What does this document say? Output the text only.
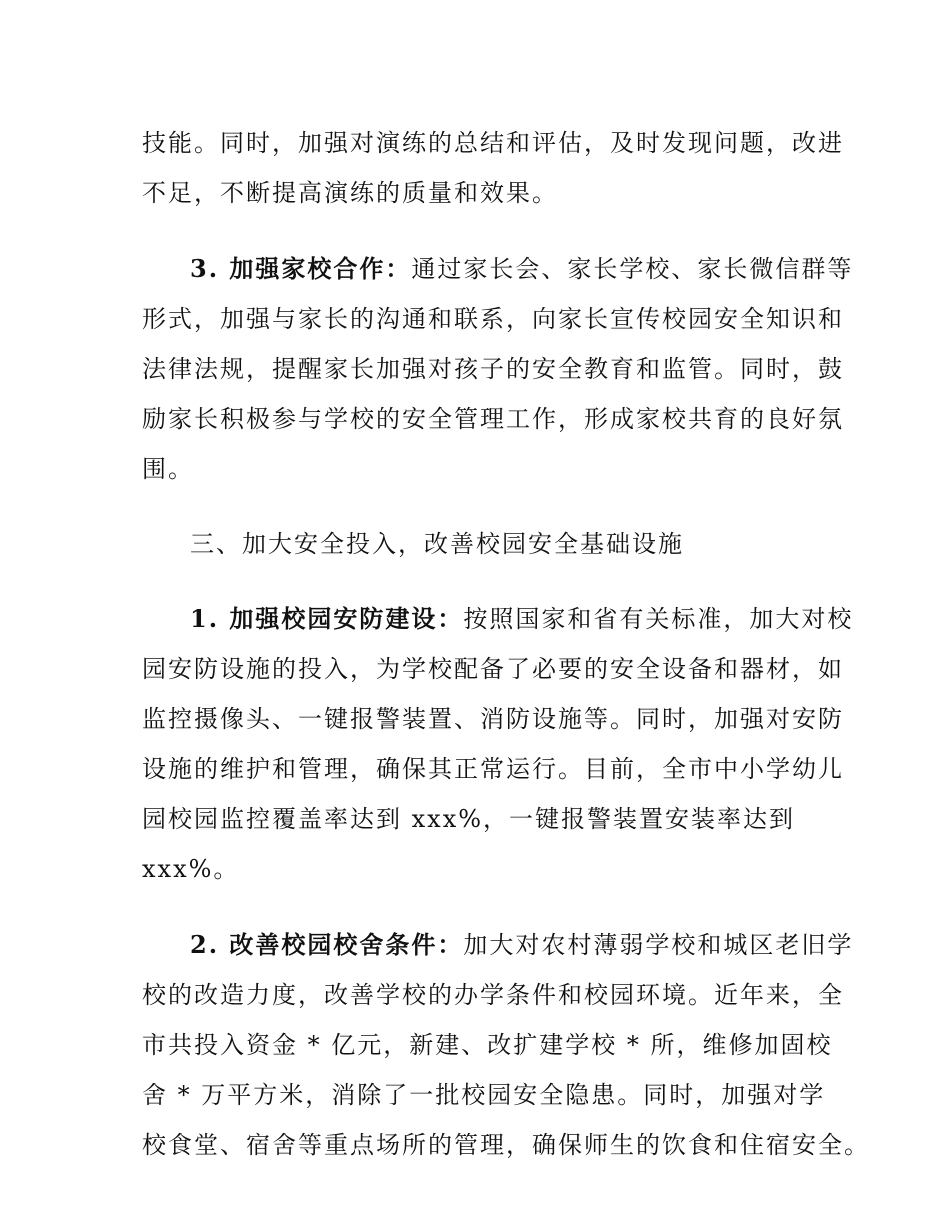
技能。同时，加强对演练的总结和评估，及时发现问题，改进
不足，不断提高演练的质量和效果。
3. 加强家校合作：通过家长会、家长学校、家长微信群等
形式，加强与家长的沟通和联系，向家长宣传校园安全知识和
法律法规，提醒家长加强对孩子的安全教育和监管。同时，鼓
励家长积极参与学校的安全管理工作，形成家校共育的良好氛
围。
三、加大安全投入，改善校园安全基础设施
1. 加强校园安防建设：按照国家和省有关标准，加大对校
园安防设施的投入，为学校配备了必要的安全设备和器材，如
监控摄像头、一键报警装置、消防设施等。同时，加强对安防
设施的维护和管理，确保其正常运行。目前，全市中小学幼儿
园校园监控覆盖率达到 xxx%，一键报警装置安装率达到
xxx%。
2. 改善校园校舍条件：加大对农村薄弱学校和城区老旧学
校的改造力度，改善学校的办学条件和校园环境。近年来，全
市共投入资金 * 亿元，新建、改扩建学校 * 所，维修加固校
舍 * 万平方米，消除了一批校园安全隐患。同时，加强对学
校食堂、宿舍等重点场所的管理，确保师生的饮食和住宿安全。
